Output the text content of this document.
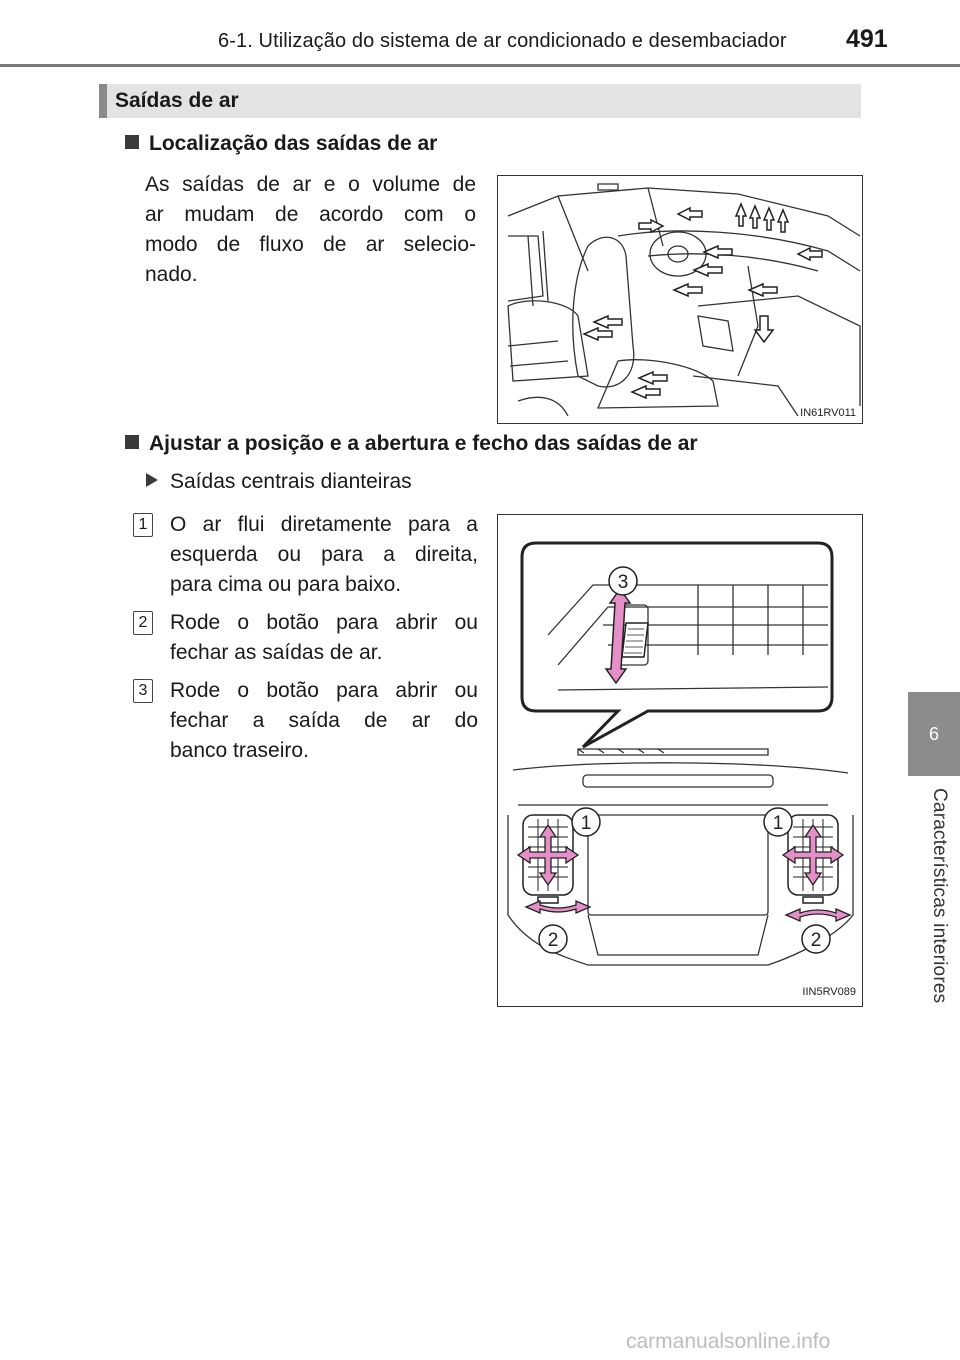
6-1. Utilização do sistema de ar condicionado e desembaciador 491
Saídas de ar
Localização das saídas de ar
As saídas de ar e o volume de
ar mudam de acordo com o
modo de fluxo de ar selecio-
nado.
IN61RV011
Ajustar a posição e a abertura e fecho das saídas de ar
Saídas centrais dianteiras
1 O ar flui diretamente para a
esquerda ou para a direita,
para cima ou para baixo.
2 Rode o botão para abrir ou
fechar as saídas de ar.
3 Rode o botão para abrir ou
fechar a saída de ar do
banco traseiro.
3
1	1
2	2
IIN5RV089
6
Características interiores
carmanualsonline.info
